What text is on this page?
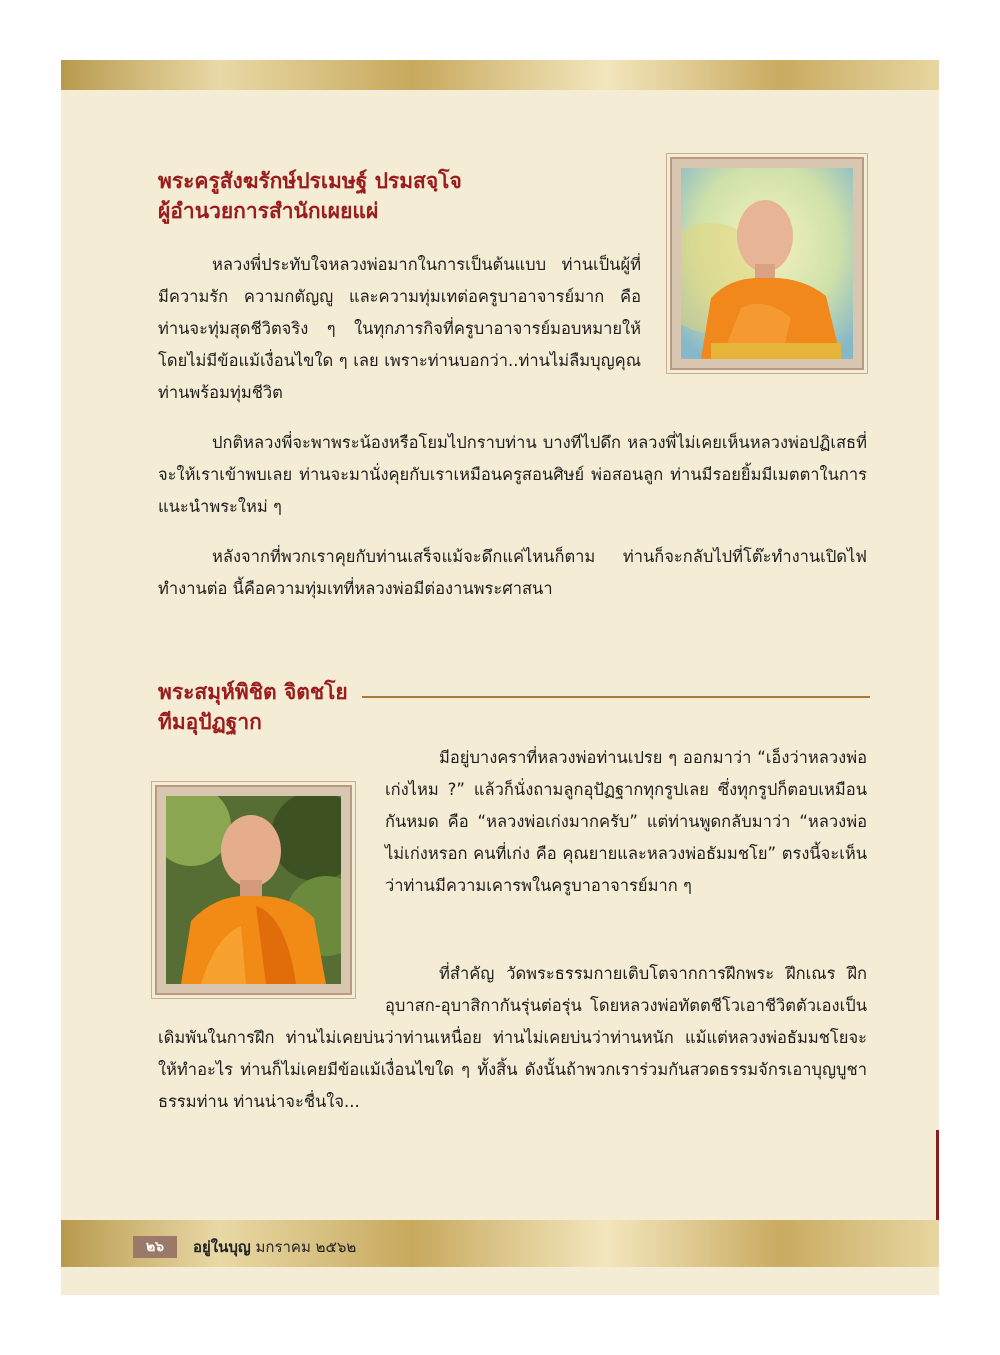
พระครูสังฆรักษ์ปรเมษฐ์ ปรมสจฺโจ
ผู้อำนวยการสำนักเผยแผ่

หลวงพี่ประทับใจหลวงพ่อมากในการเป็นต้นแบบ ท่านเป็นผู้ที่มีความรัก ความกตัญญู และความทุ่มเทต่อครูบาอาจารย์มาก คือ ท่านจะทุ่มสุดชีวิตจริง ๆ ในทุกภารกิจที่ครูบาอาจารย์มอบหมายให้ โดยไม่มีข้อแม้เงื่อนไขใด ๆ เลย เพราะท่านบอกว่า..ท่านไม่ลืมบุญคุณ ท่านพร้อมทุ่มชีวิต

ปกติหลวงพี่จะพาพระน้องหรือโยมไปกราบท่าน บางทีไปดึก หลวงพี่ไม่เคยเห็นหลวงพ่อปฏิเสธที่จะให้เราเข้าพบเลย ท่านจะมานั่งคุยกับเราเหมือนครูสอนศิษย์ พ่อสอนลูก ท่านมีรอยยิ้มมีเมตตาในการแนะนำพระใหม่ ๆ

หลังจากที่พวกเราคุยกับท่านเสร็จแม้จะดึกแค่ไหนก็ตาม ท่านก็จะกลับไปที่โต๊ะทำงานเปิดไฟทำงานต่อ นี้คือความทุ่มเทที่หลวงพ่อมีต่องานพระศาสนา

พระสมุห์พิชิต จิตชโย
ทีมอุปัฏฐาก

มีอยู่บางคราที่หลวงพ่อท่านเปรย ๆ ออกมาว่า “เอ็งว่าหลวงพ่อเก่งไหม ?” แล้วก็นั่งถามลูกอุปัฏฐากทุกรูปเลย ซึ่งทุกรูปก็ตอบเหมือนกันหมด คือ “หลวงพ่อเก่งมากครับ” แต่ท่านพูดกลับมาว่า “หลวงพ่อไม่เก่งหรอก คนที่เก่ง คือ คุณยายและหลวงพ่อธัมมชโย” ตรงนี้จะเห็นว่าท่านมีความเคารพในครูบาอาจารย์มาก ๆ

ที่สำคัญ วัดพระธรรมกายเติบโตจากการฝึกพระ ฝึกเณร ฝึกอุบาสก-อุบาสิกากันรุ่นต่อรุ่น โดยหลวงพ่อทัตตชีโวเอาชีวิตตัวเองเป็นเดิมพันในการฝึก ท่านไม่เคยบ่นว่าท่านเหนื่อย ท่านไม่เคยบ่นว่าท่านหนัก แม้แต่หลวงพ่อธัมมชโยจะให้ทำอะไร ท่านก็ไม่เคยมีข้อแม้เงื่อนไขใด ๆ ทั้งสิ้น ดังนั้นถ้าพวกเราร่วมกันสวดธรรมจักรเอาบุญบูชาธรรมท่าน ท่านน่าจะชื่นใจ...

๒๖	อยู่ในบุญ มกราคม ๒๕๖๒
